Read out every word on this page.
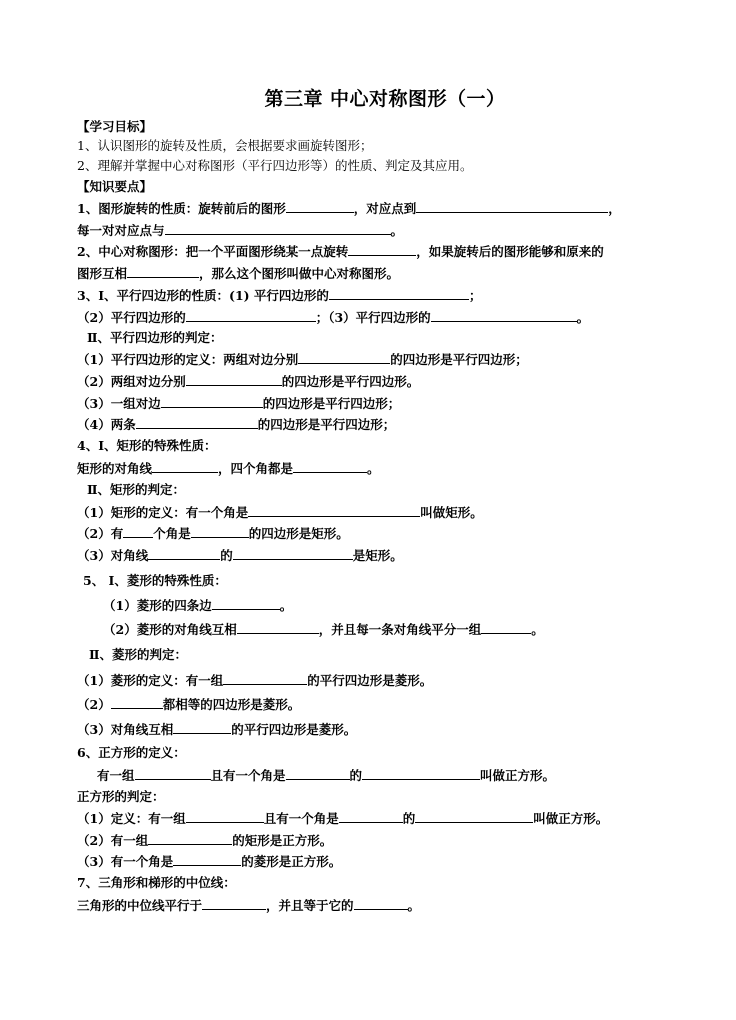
第三章 中心对称图形（一）
【学习目标】
1、认识图形的旋转及性质，会根据要求画旋转图形；
2、理解并掌握中心对称图形（平行四边形等）的性质、判定及其应用。
【知识要点】
1、图形旋转的性质：旋转前后的图形	，对应点到	，
每一对对应点与	。
2、中心对称图形：把一个平面图形绕某一点旋转	，如果旋转后的图形能够和原来的
图形互相	，那么这个图形叫做中心对称图形。
3、Ⅰ、平行四边形的性质：(1) 平行四边形的	；
（2）平行四边形的	；（3）平行四边形的	。
Ⅱ、平行四边形的判定：
（1）平行四边形的定义：两组对边分别	的四边形是平行四边形；
（2）两组对边分别	的四边形是平行四边形。
（3）一组对边	的四边形是平行四边形；
（4）两条	的四边形是平行四边形；
4、Ⅰ、矩形的特殊性质：
矩形的对角线	，四个角都是	。
Ⅱ、矩形的判定：
（1）矩形的定义：有一个角是	叫做矩形。
（2）有 个角是	的四边形是矩形。
（3）对角线	的	是矩形。
5、 Ⅰ、菱形的特殊性质：
（1）菱形的四条边	。
（2）菱形的对角线互相	，并且每一条对角线平分一组	。
Ⅱ、菱形的判定：
（1）菱形的定义：有一组	的平行四边形是菱形。
（2）	都相等的四边形是菱形。
（3）对角线互相	的平行四边形是菱形。
6、正方形的定义：
有一组	且有一个角是	的	叫做正方形。
正方形的判定：
（1）定义：有一组	且有一个角是	的	叫做正方形。
（2）有一组	的矩形是正方形。
（3）有一个角是	的菱形是正方形。
7、三角形和梯形的中位线：
三角形的中位线平行于	，并且等于它的	。
